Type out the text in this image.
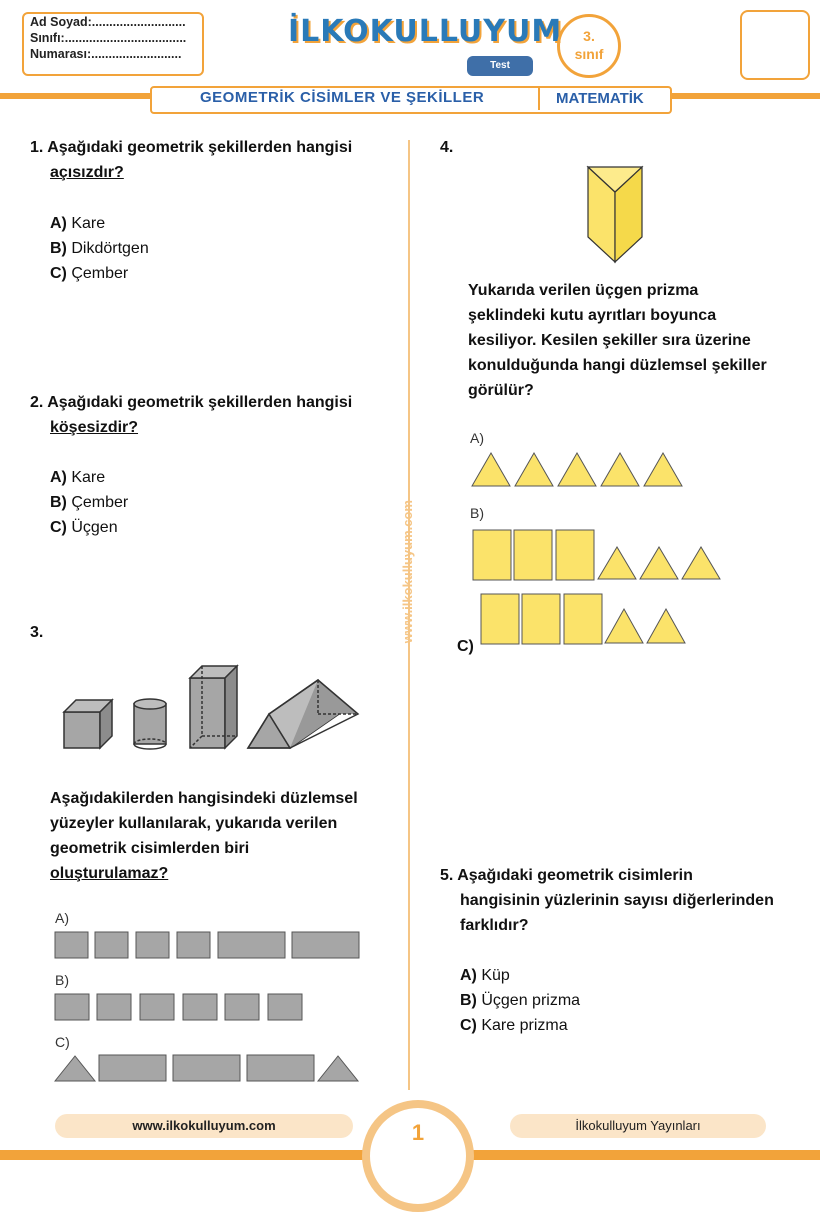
Ad Soyad:...........................
Sınıfı:...................................
Numarası:..........................
İLKOKULLUYUM
Test
3.
sınıf
GEOMETRİK CİSİMLER VE ŞEKİLLER	MATEMATİK
www.ilkokulluyum.com
1. Aşağıdaki geometrik şekillerden hangisi
açısızdır?
A) Kare
B) Dikdörtgen
C) Çember
2. Aşağıdaki geometrik şekillerden hangisi
köşesizdir?
A) Kare
B) Çember
C) Üçgen
3.
Aşağıdakilerden hangisindeki düzlemsel
yüzeyler kullanılarak, yukarıda verilen
geometrik cisimlerden biri
oluşturulamaz?
A)
B)
C)
4.
Yukarıda verilen üçgen prizma
şeklindeki kutu ayrıtları boyunca
kesiliyor. Kesilen şekiller sıra üzerine
konulduğunda hangi düzlemsel şekiller
görülür?
A)
B)
C)
5. Aşağıdaki geometrik cisimlerin
hangisinin yüzlerinin sayısı diğerlerinden
farklıdır?
A) Küp
B) Üçgen prizma
C) Kare prizma
www.ilkokulluyum.com	İlkokulluyum Yayınları
1
